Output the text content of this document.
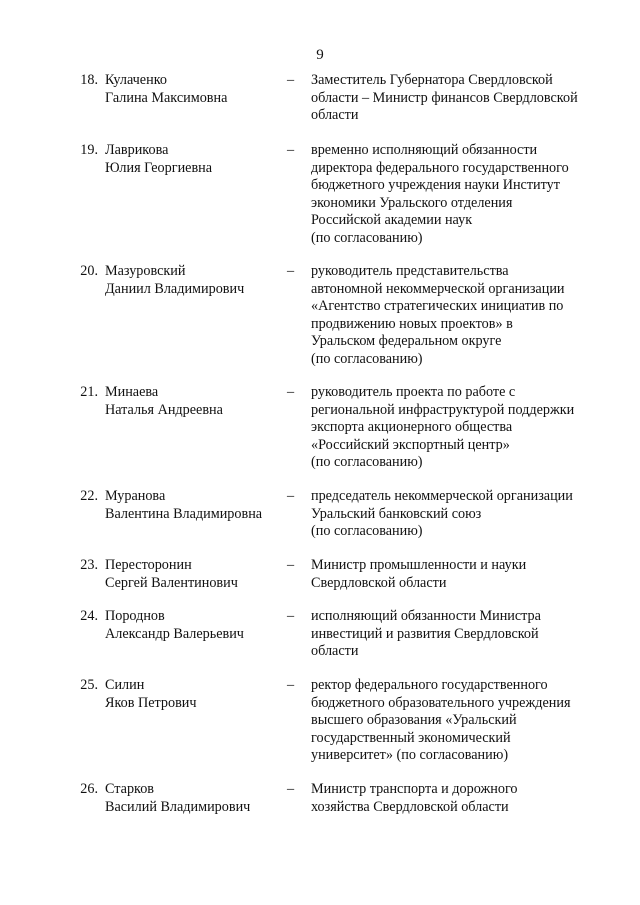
9
18. Кулаченко
Галина Максимовна
– Заместитель Губернатора Свердловской
области – Министр финансов Свердловской
области
19. Лаврикова
Юлия Георгиевна
– временно исполняющий обязанности
директора федерального государственного
бюджетного учреждения науки Институт
экономики Уральского отделения
Российской академии наук
(по согласованию)
20. Мазуровский
Даниил Владимирович
– руководитель представительства
автономной некоммерческой организации
«Агентство стратегических инициатив по
продвижению новых проектов» в
Уральском федеральном округе
(по согласованию)
21. Минаева
Наталья Андреевна
– руководитель проекта по работе с
региональной инфраструктурой поддержки
экспорта акционерного общества
«Российский экспортный центр»
(по согласованию)
22. Муранова
Валентина Владимировна
– председатель некоммерческой организации
Уральский банковский союз
(по согласованию)
23. Пересторонин
Сергей Валентинович
– Министр промышленности и науки
Свердловской области
24. Породнов
Александр Валерьевич
– исполняющий обязанности Министра
инвестиций и развития Свердловской
области
25. Силин
Яков Петрович
– ректор федерального государственного
бюджетного образовательного учреждения
высшего образования «Уральский
государственный экономический
университет» (по согласованию)
26. Старков
Василий Владимирович
– Министр транспорта и дорожного
хозяйства Свердловской области
